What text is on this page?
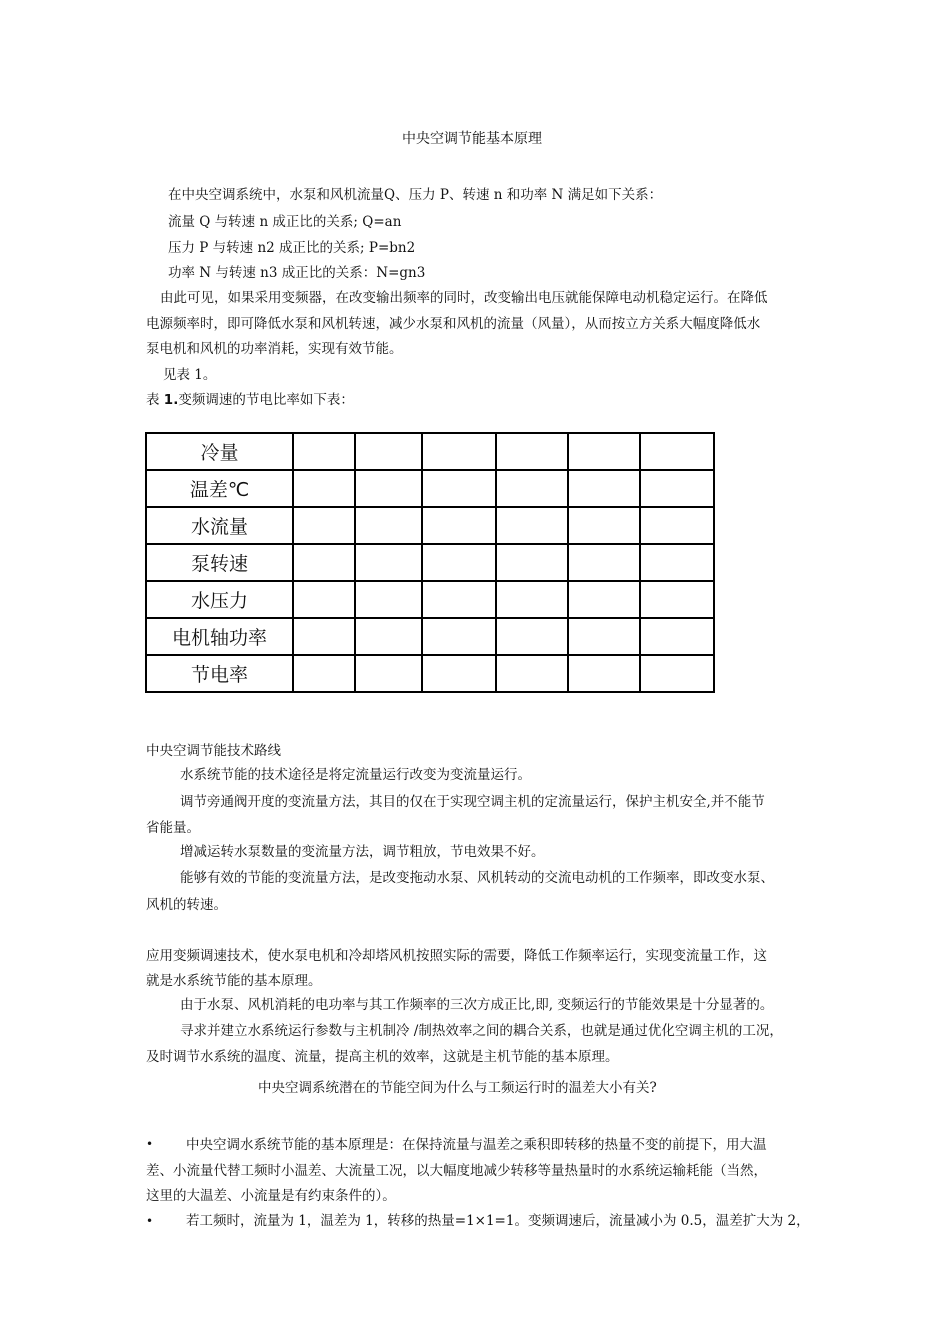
中央空调节能基本原理
在中央空调系统中，水泵和风机流量Q、压力 P、转速 n 和功率 N 满足如下关系：
流量 Q 与转速 n 成正比的关系; Q=an
压力 P 与转速 n2 成正比的关系; P=bn2
功率 N 与转速 n3 成正比的关系：N=gn3
由此可见，如果采用变频器，在改变输出频率的同时，改变输出电压就能保障电动机稳定运行。在降低
电源频率时，即可降低水泵和风机转速，减少水泵和风机的流量（风量），从而按立方关系大幅度降低水
泵电机和风机的功率消耗，实现有效节能。
见表 1。
表 1.变频调速的节电比率如下表：
冷量						
温差℃						
水流量						
泵转速						
水压力						
电机轴功率						
节电率						
中央空调节能技术路线
水系统节能的技术途径是将定流量运行改变为变流量运行。
调节旁通阀开度的变流量方法，其目的仅在于实现空调主机的定流量运行，保护主机安全,并不能节
省能量。
增减运转水泵数量的变流量方法，调节粗放，节电效果不好。
能够有效的节能的变流量方法，是改变拖动水泵、风机转动的交流电动机的工作频率，即改变水泵、
风机的转速。
应用变频调速技术，使水泵电机和冷却塔风机按照实际的需要，降低工作频率运行，实现变流量工作，这
就是水系统节能的基本原理。
由于水泵、风机消耗的电功率与其工作频率的三次方成正比,即, 变频运行的节能效果是十分显著的。
寻求并建立水系统运行参数与主机制冷 /制热效率之间的耦合关系，也就是通过优化空调主机的工况，
及时调节水系统的温度、流量，提高主机的效率，这就是主机节能的基本原理。
中央空调系统潜在的节能空间为什么与工频运行时的温差大小有关?
• 中央空调水系统节能的基本原理是：在保持流量与温差之乘积即转移的热量不变的前提下，用大温
差、小流量代替工频时小温差、大流量工况，以大幅度地减少转移等量热量时的水系统运输耗能（当然，
这里的大温差、小流量是有约束条件的）。
• 若工频时，流量为 1，温差为 1，转移的热量=1×1=1。变频调速后，流量减小为 0.5，温差扩大为 2，
